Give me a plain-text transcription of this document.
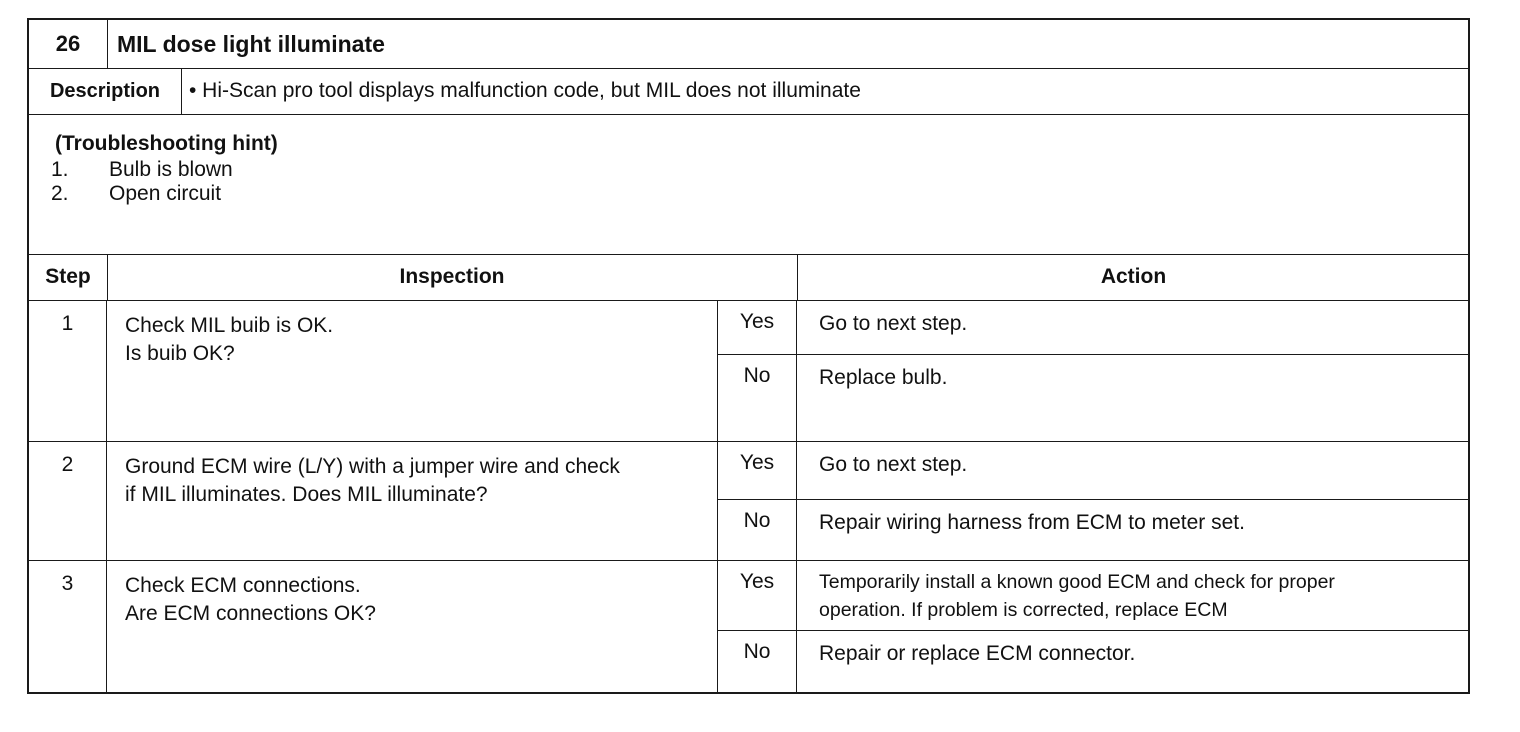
26	MIL dose light illuminate
Description	• Hi-Scan pro tool displays malfunction code, but MIL does not illuminate
(Troubleshooting hint)
1.	Bulb is blown
2.	Open circuit
Step	Inspection	Action
1	Check MIL buib is OK.
Is buib OK?
Yes	Go to next step.
No	Replace bulb.
2	Ground ECM wire (L/Y) with a jumper wire and check
if MIL illuminates. Does MIL illuminate?
Yes	Go to next step.
No	Repair wiring harness from ECM to meter set.
3	Check ECM connections.
Are ECM connections OK?
Yes	Temporarily install a known good ECM and check for proper
operation. If problem is corrected, replace ECM
No	Repair or replace ECM connector.
